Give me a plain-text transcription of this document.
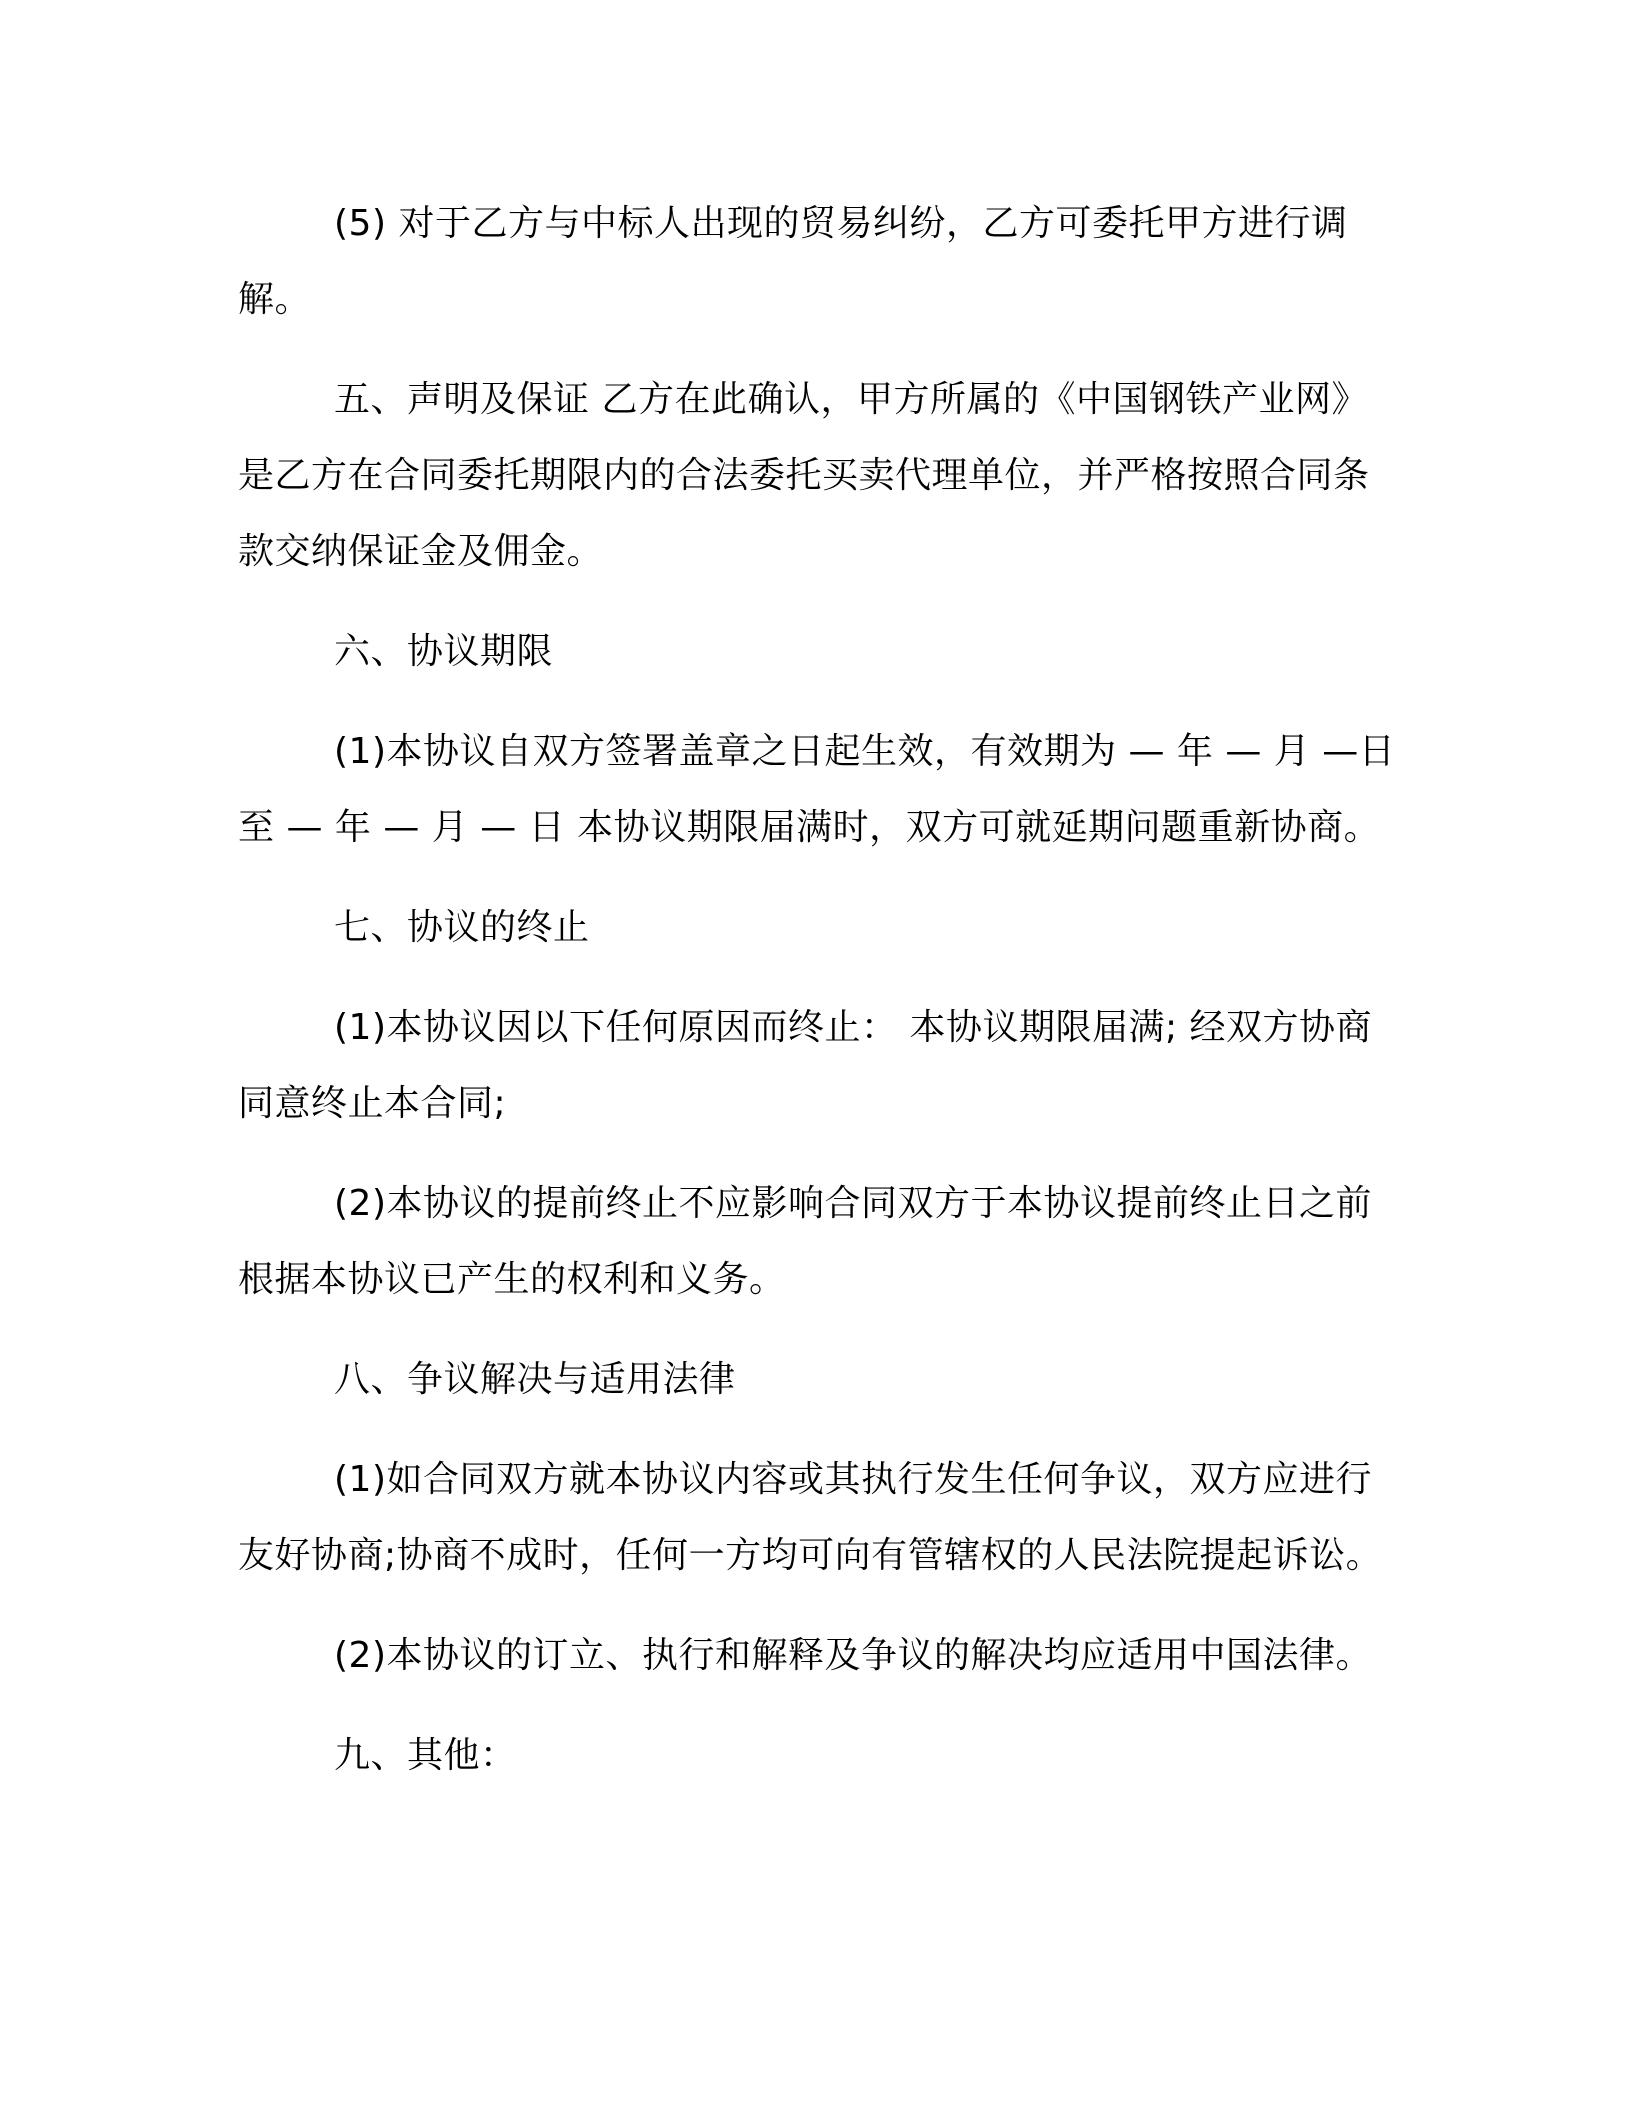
(5) 对于乙方与中标人出现的贸易纠纷，乙方可委托甲方进行调解。

五、声明及保证 乙方在此确认，甲方所属的《中国钢铁产业网》是乙方在合同委托期限内的合法委托买卖代理单位，并严格按照合同条款交纳保证金及佣金。

六、协议期限

(1)本协议自双方签署盖章之日起生效，有效期为 — 年 — 月 —日至 — 年 — 月 — 日 本协议期限届满时，双方可就延期问题重新协商。

七、协议的终止

(1)本协议因以下任何原因而终止： 本协议期限届满; 经双方协商同意终止本合同;

(2)本协议的提前终止不应影响合同双方于本协议提前终止日之前根据本协议已产生的权利和义务。

八、争议解决与适用法律

(1)如合同双方就本协议内容或其执行发生任何争议，双方应进行友好协商;协商不成时，任何一方均可向有管辖权的人民法院提起诉讼。

(2)本协议的订立、执行和解释及争议的解决均应适用中国法律。

九、其他：
